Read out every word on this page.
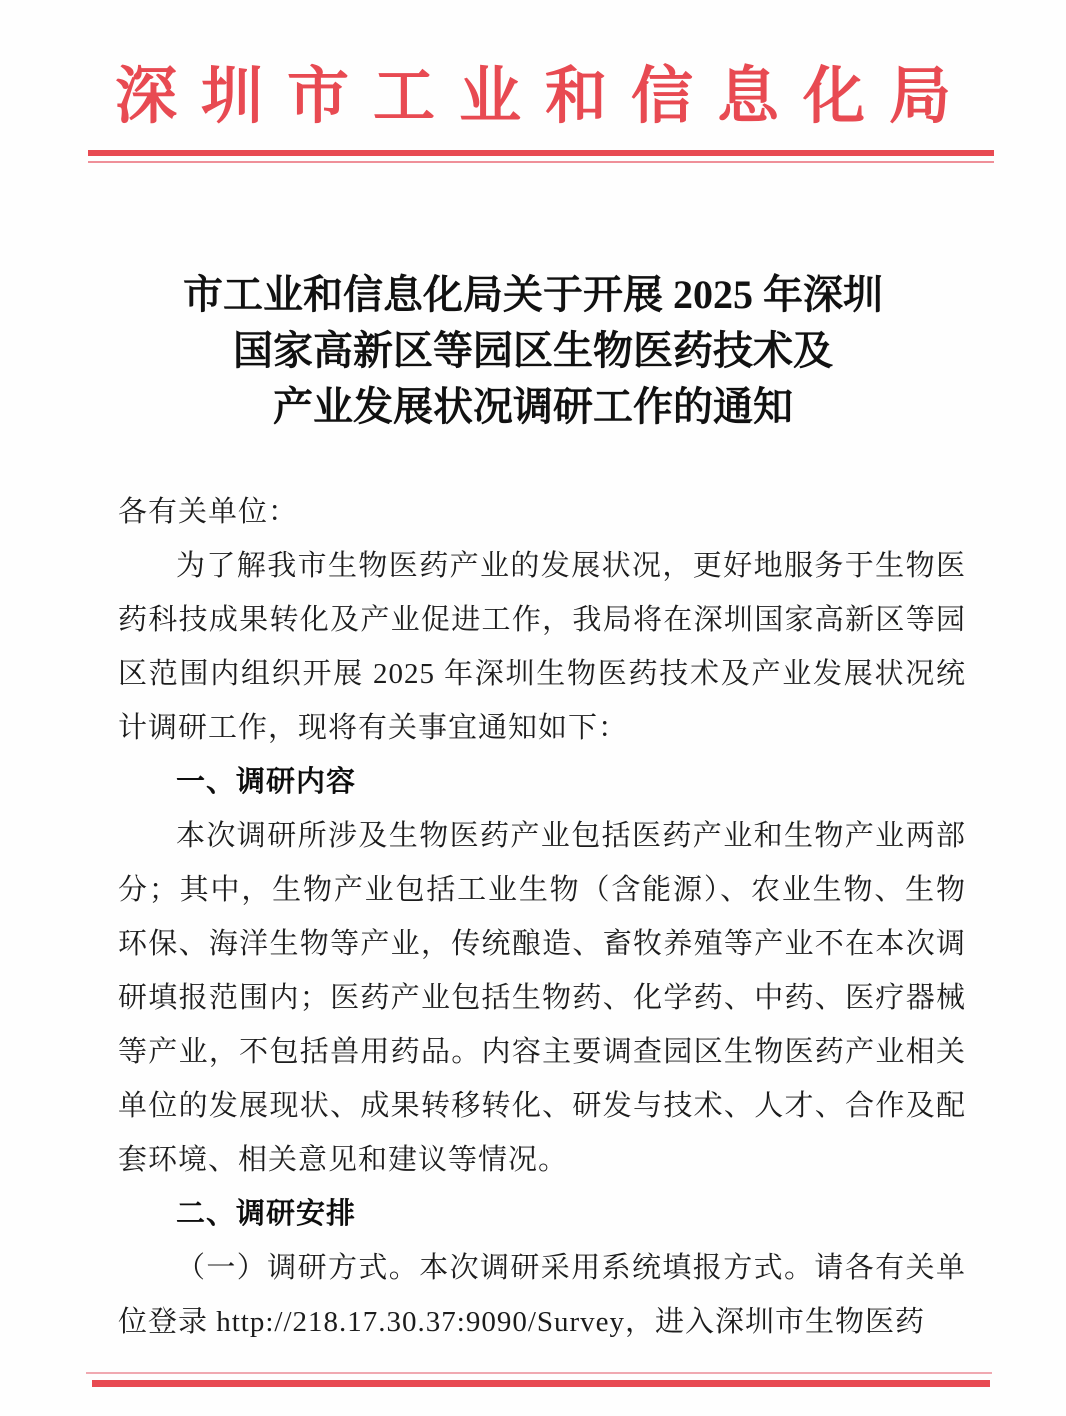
深圳市工业和信息化局
市工业和信息化局关于开展 2025 年深圳
国家高新区等园区生物医药技术及
产业发展状况调研工作的通知
各有关单位：
为了解我市生物医药产业的发展状况，更好地服务于生物医药科技成果转化及产业促进工作，我局将在深圳国家高新区等园区范围内组织开展 2025 年深圳生物医药技术及产业发展状况统计调研工作，现将有关事宜通知如下：
一、调研内容
本次调研所涉及生物医药产业包括医药产业和生物产业两部分；其中，生物产业包括工业生物（含能源）、农业生物、生物环保、海洋生物等产业，传统酿造、畜牧养殖等产业不在本次调研填报范围内；医药产业包括生物药、化学药、中药、医疗器械等产业，不包括兽用药品。内容主要调查园区生物医药产业相关单位的发展现状、成果转移转化、研发与技术、人才、合作及配套环境、相关意见和建议等情况。
二、调研安排
（一）调研方式。本次调研采用系统填报方式。请各有关单位登录 http://218.17.30.37:9090/Survey，进入深圳市生物医药
